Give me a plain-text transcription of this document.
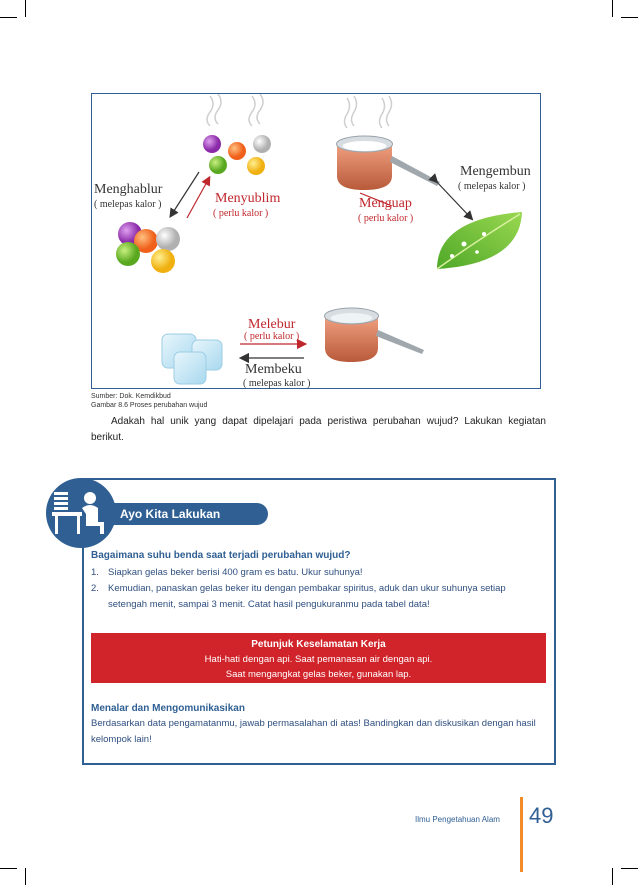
Menghablur
( melepas kalor )	Menyublim
( perlu kalor )
Menguap
( perlu kalor )
Mengembun
( melepas kalor )
Melebur
( perlu kalor )
Membeku
( melepas kalor )
Sumber: Dok. Kemdikbud
Gambar 8.6 Proses perubahan wujud
Adakah hal unik yang dapat dipelajari pada peristiwa perubahan wujud? Lakukan kegiatan berikut.
Ayo Kita Lakukan
Bagaimana suhu benda saat terjadi perubahan wujud?
1. Siapkan gelas beker berisi 400 gram es batu. Ukur suhunya!
2. Kemudian, panaskan gelas beker itu dengan pembakar spiritus, aduk dan ukur suhunya setiap setengah menit, sampai 3 menit. Catat hasil pengukuranmu pada tabel data!
Petunjuk Keselamatan Kerja
Hati-hati dengan api. Saat pemanasan air dengan api.
Saat mengangkat gelas beker, gunakan lap.
Menalar dan Mengomunikasikan
Berdasarkan data pengamatanmu, jawab permasalahan di atas! Bandingkan dan diskusikan dengan hasil kelompok lain!
Ilmu Pengetahuan Alam 49
